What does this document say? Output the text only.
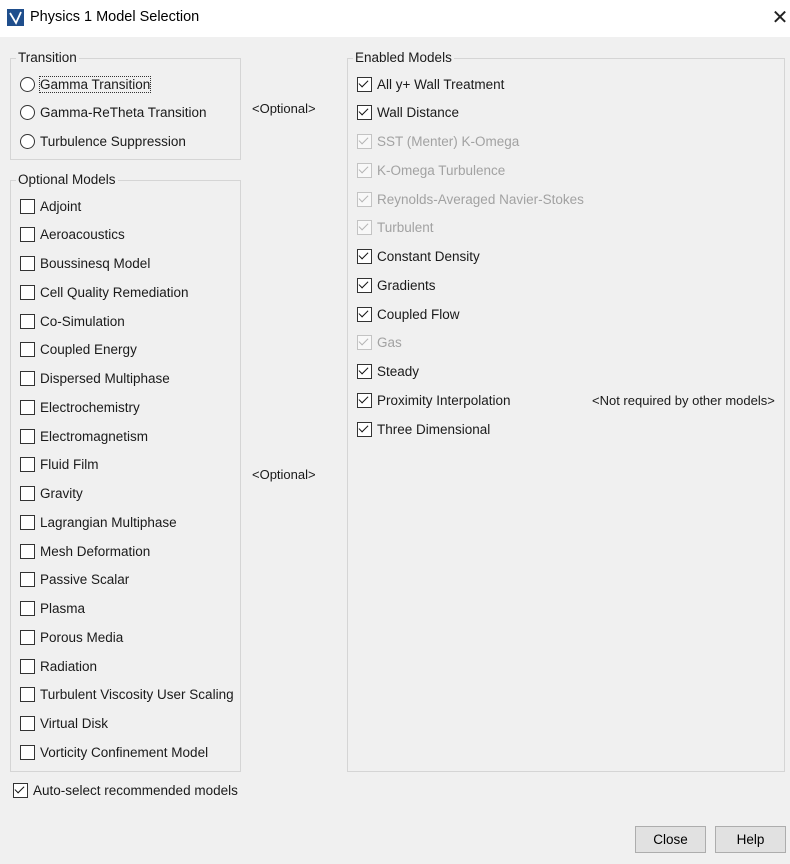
Physics 1 Model Selection	✕
Transition
Gamma Transition
Gamma-ReTheta Transition
Turbulence Suppression
<Optional>
Optional Models
Adjoint
Aeroacoustics
Boussinesq Model
Cell Quality Remediation
Co-Simulation
Coupled Energy
Dispersed Multiphase
Electrochemistry
Electromagnetism
Fluid Film
Gravity
Lagrangian Multiphase
Mesh Deformation
Passive Scalar
Plasma
Porous Media
Radiation
Turbulent Viscosity User Scaling
Virtual Disk
Vorticity Confinement Model
<Optional>
Enabled Models
All y+ Wall Treatment
Wall Distance
SST (Menter) K-Omega
K-Omega Turbulence
Reynolds-Averaged Navier-Stokes
Turbulent
Constant Density
Gradients
Coupled Flow
Gas
Steady
Proximity Interpolation
Three Dimensional
<Not required by other models>
Auto-select recommended models
Close	Help
